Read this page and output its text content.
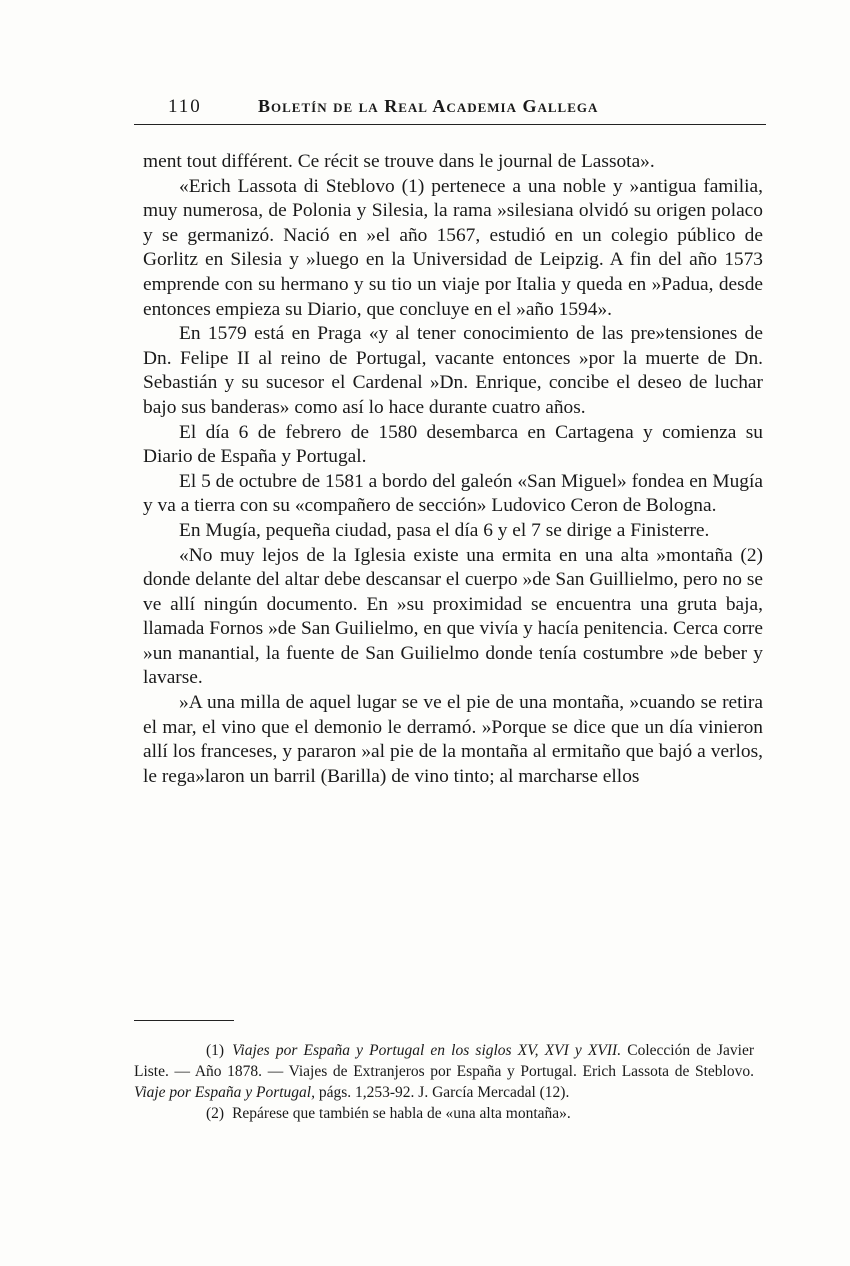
110	Boletín de la Real Academia Gallega

ment tout différent. Ce récit se trouve dans le journal de Lassota».

«Erich Lassota di Steblovo (1) pertenece a una noble y »antigua familia, muy numerosa, de Polonia y Silesia, la rama »silesiana olvidó su origen polaco y se germanizó. Nació en »el año 1567, estudió en un colegio público de Gorlitz en Silesia y »luego en la Universidad de Leipzig. A fin del año 1573 emprende con su hermano y su tio un viaje por Italia y queda en »Padua, desde entonces empieza su Diario, que concluye en el »año 1594».

En 1579 está en Praga «y al tener conocimiento de las pre»tensiones de Dn. Felipe II al reino de Portugal, vacante entonces »por la muerte de Dn. Sebastián y su sucesor el Cardenal »Dn. Enrique, concibe el deseo de luchar bajo sus banderas» como así lo hace durante cuatro años.

El día 6 de febrero de 1580 desembarca en Cartagena y comienza su Diario de España y Portugal.

El 5 de octubre de 1581 a bordo del galeón «San Miguel» fondea en Mugía y va a tierra con su «compañero de sección» Ludovico Ceron de Bologna.

En Mugía, pequeña ciudad, pasa el día 6 y el 7 se dirige a Finisterre.

«No muy lejos de la Iglesia existe una ermita en una alta »montaña (2) donde delante del altar debe descansar el cuerpo »de San Guillielmo, pero no se ve allí ningún documento. En »su proximidad se encuentra una gruta baja, llamada Fornos »de San Guilielmo, en que vivía y hacía penitencia. Cerca corre »un manantial, la fuente de San Guilielmo donde tenía costumbre »de beber y lavarse.

»A una milla de aquel lugar se ve el pie de una montaña, »cuando se retira el mar, el vino que el demonio le derramó. »Porque se dice que un día vinieron allí los franceses, y pararon »al pie de la montaña al ermitaño que bajó a verlos, le rega»laron un barril (Barilla) de vino tinto; al marcharse ellos

(1) Viajes por España y Portugal en los siglos XV, XVI y XVII. Colección de Javier Liste. — Año 1878. — Viajes de Extranjeros por España y Portugal. Erich Lassota de Steblovo. Viaje por España y Portugal, págs. 1,253-92. J. García Mercadal (12).

(2) Repárese que también se habla de «una alta montaña».
